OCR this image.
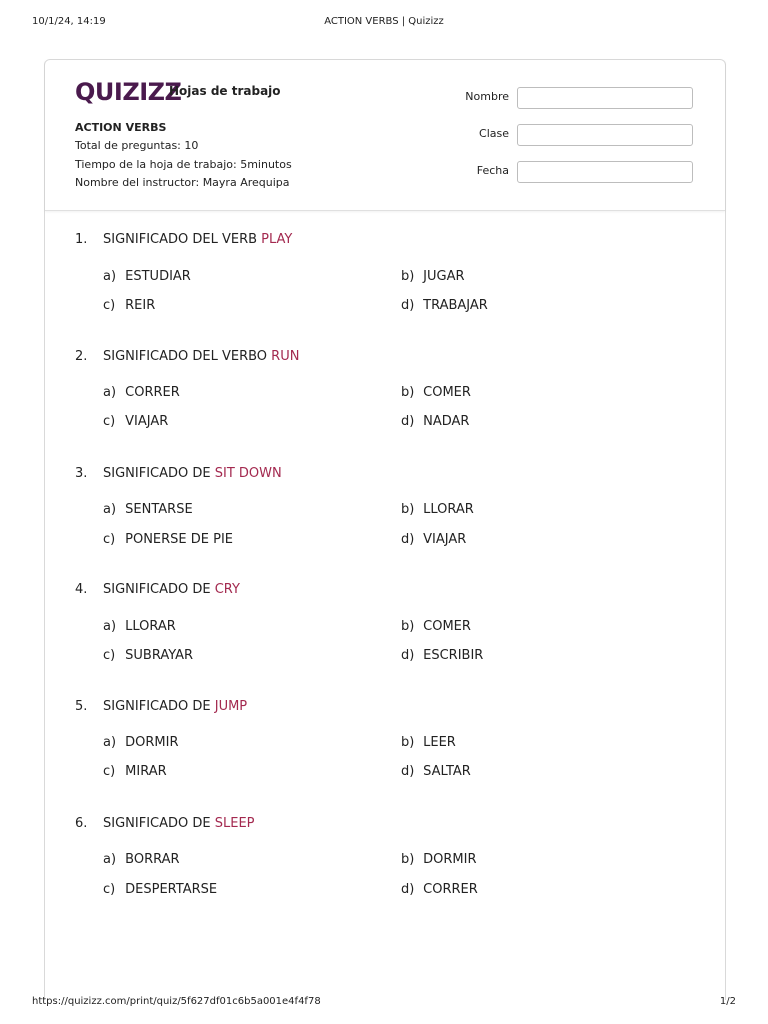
10/1/24, 14:19	ACTION VERBS | Quizizz
QUIZIZZ
Hojas de trabajo
ACTION VERBS
Total de preguntas: 10
Tiempo de la hoja de trabajo: 5minutos
Nombre del instructor: Mayra Arequipa
Nombre
Clase
Fecha
1. SIGNIFICADO DEL VERB PLAY
a) ESTUDIAR	b) JUGAR
c) REIR	d) TRABAJAR
2. SIGNIFICADO DEL VERBO RUN
a) CORRER	b) COMER
c) VIAJAR	d) NADAR
3. SIGNIFICADO DE SIT DOWN
a) SENTARSE	b) LLORAR
c) PONERSE DE PIE	d) VIAJAR
4. SIGNIFICADO DE CRY
a) LLORAR	b) COMER
c) SUBRAYAR	d) ESCRIBIR
5. SIGNIFICADO DE JUMP
a) DORMIR	b) LEER
c) MIRAR	d) SALTAR
6. SIGNIFICADO DE SLEEP
a) BORRAR	b) DORMIR
c) DESPERTARSE	d) CORRER
https://quizizz.com/print/quiz/5f627df01c6b5a001e4f4f78	1/2
